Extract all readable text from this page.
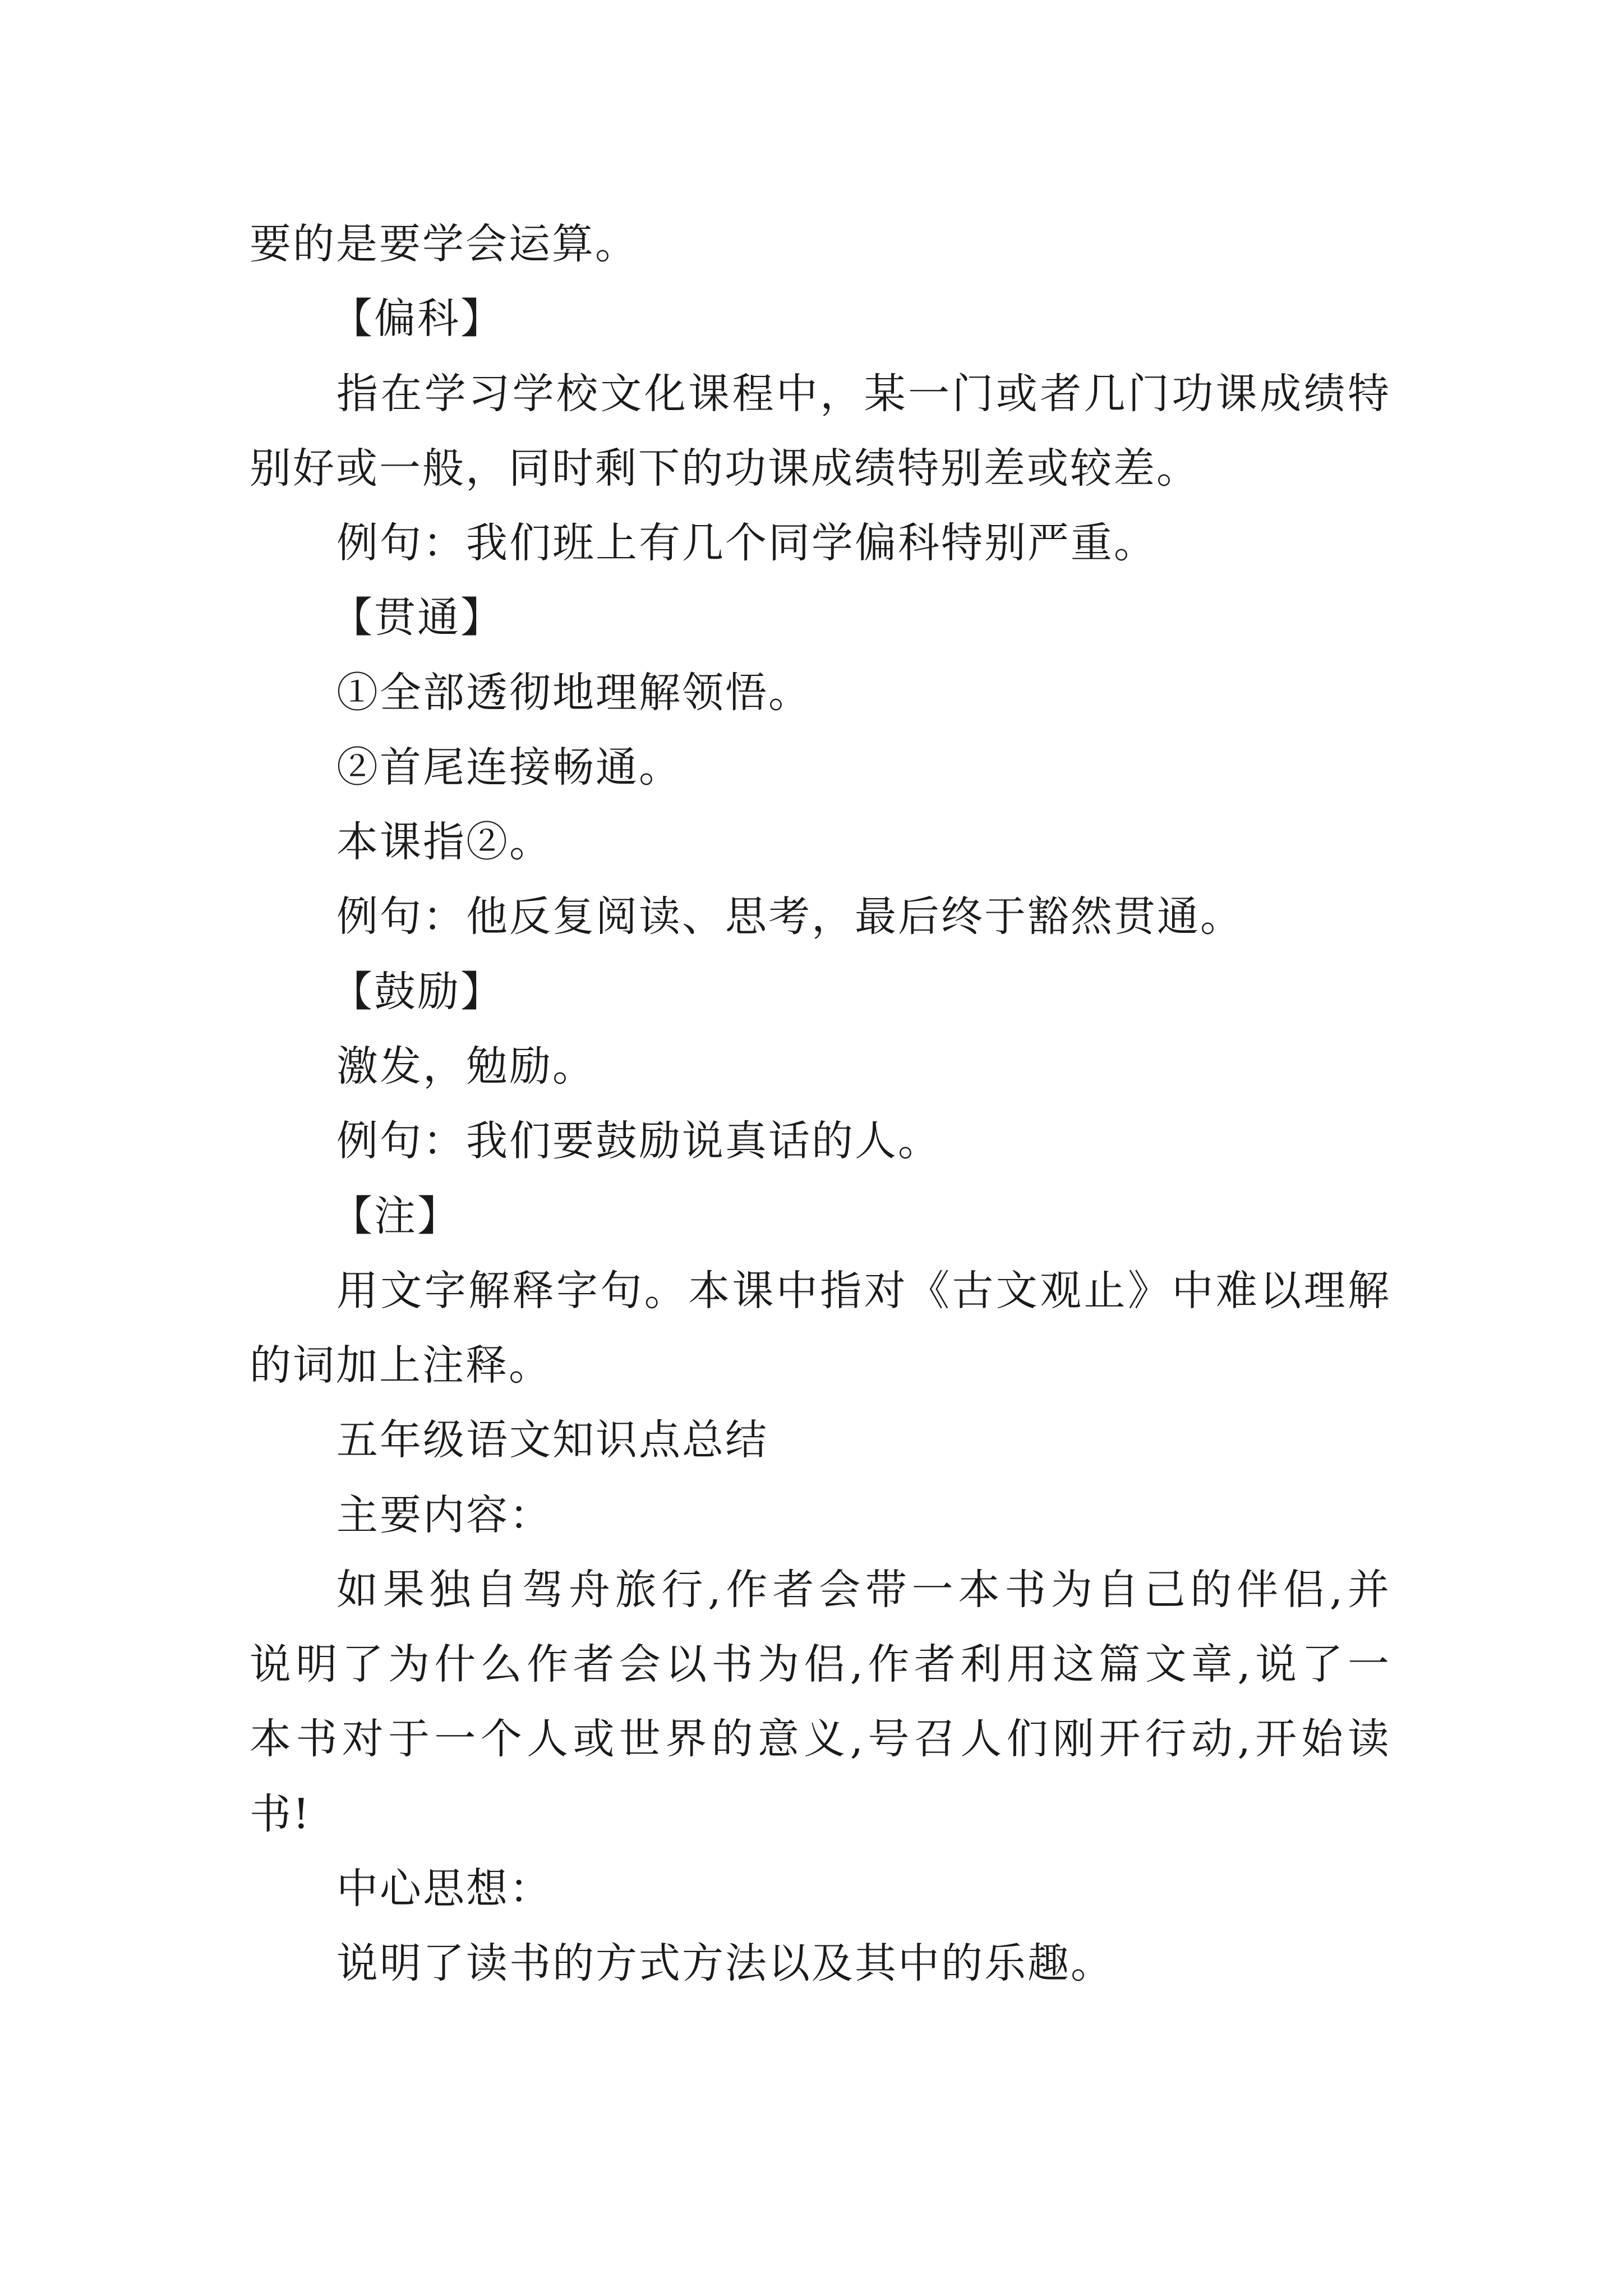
要的是要学会运算。
【偏科】
指在学习学校文化课程中，某一门或者几门功课成绩特
别好或一般，同时剩下的功课成绩特别差或较差。
例句：我们班上有几个同学偏科特别严重。
【贯通】
①全部透彻地理解领悟。
②首尾连接畅通。
本课指②。
例句：他反复阅读、思考，最后终于豁然贯通。
【鼓励】
激发，勉励。
例句：我们要鼓励说真话的人。
【注】
用文字解释字句。本课中指对《古文观止》中难以理解
的词加上注释。
五年级语文知识点总结
主要内容：
如果独自驾舟旅行,作者会带一本书为自己的伴侣,并
说明了为什么作者会以书为侣,作者利用这篇文章,说了一
本书对于一个人或世界的意义,号召人们刚开行动,开始读
书!
中心思想：
说明了读书的方式方法以及其中的乐趣。
